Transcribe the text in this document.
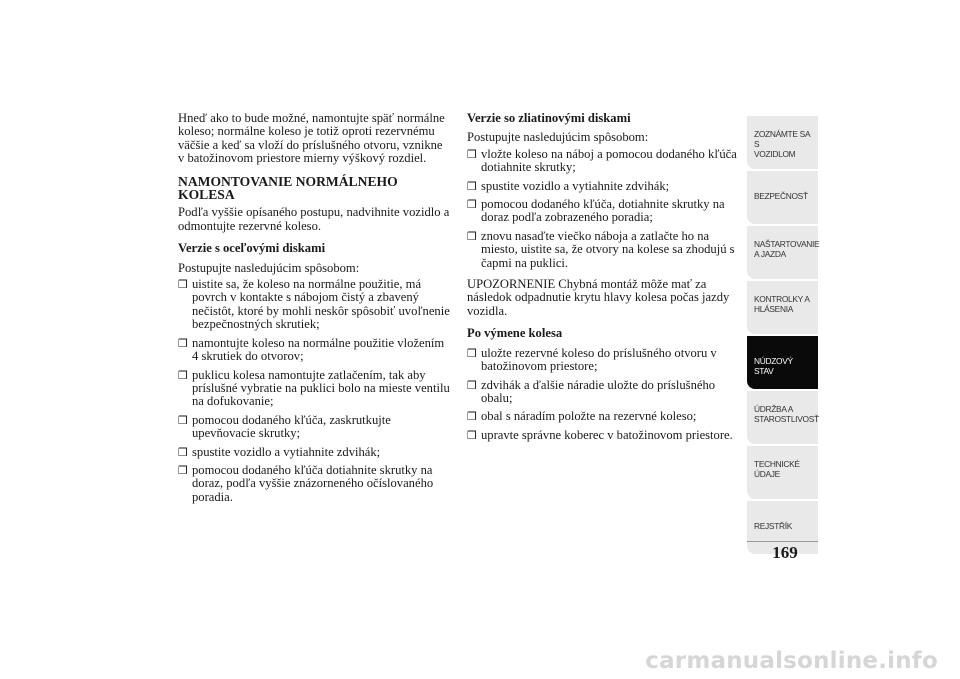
Hneď ako to bude možné, namontujte späť normálne koleso; normálne koleso je totiž oproti rezervnému väčšie a keď sa vloží do príslušného otvoru, vznikne v batožinovom priestore mierny výškový rozdiel.

NAMONTOVANIE NORMÁLNEHO KOLESA

Podľa vyššie opísaného postupu, nadvihnite vozidlo a odmontujte rezervné koleso.

Verzie s oceľovými diskami

Postupujte nasledujúcim spôsobom:

❒ uistite sa, že koleso na normálne použitie, má povrch v kontakte s nábojom čistý a zbavený nečistôt, ktoré by mohli neskôr spôsobiť uvoľnenie bezpečnostných skrutiek;
❒ namontujte koleso na normálne použitie vložením 4 skrutiek do otvorov;
❒ puklicu kolesa namontujte zatlačením, tak aby príslušné vybratie na puklici bolo na mieste ventilu na dofukovanie;
❒ pomocou dodaného kľúča, zaskrutkujte upevňovacie skrutky;
❒ spustite vozidlo a vytiahnite zdvihák;
❒ pomocou dodaného kľúča dotiahnite skrutky na doraz, podľa vyššie znázorneného očíslovaného poradia.

Verzie so zliatinovými diskami

Postupujte nasledujúcim spôsobom:

❒ vložte koleso na náboj a pomocou dodaného kľúča dotiahnite skrutky;
❒ spustite vozidlo a vytiahnite zdvihák;
❒ pomocou dodaného kľúča, dotiahnite skrutky na doraz podľa zobrazeného poradia;
❒ znovu nasaďte viečko náboja a zatlačte ho na miesto, uistite sa, že otvory na kolese sa zhodujú s čapmi na puklici.

UPOZORNENIE Chybná montáž môže mať za následok odpadnutie krytu hlavy kolesa počas jazdy vozidla.

Po výmene kolesa

❒ uložte rezervné koleso do príslušného otvoru v batožinovom priestore;
❒ zdvihák a ďalšie náradie uložte do príslušného obalu;
❒ obal s náradím položte na rezervné koleso;
❒ upravte správne koberec v batožinovom priestore.
ZOZNÁMTE SA S
VOZIDLOM
BEZPEČNOSŤ
NAŠTARTOVANIE
A JAZDA
KONTROLKY A
HLÁSENIA
NÚDZOVÝ STAV
ÚDRŽBA A
STAROSTLIVOSŤ
TECHNICKÉ
ÚDAJE
REJSTŘÍK
169
carmanualsonline.info
